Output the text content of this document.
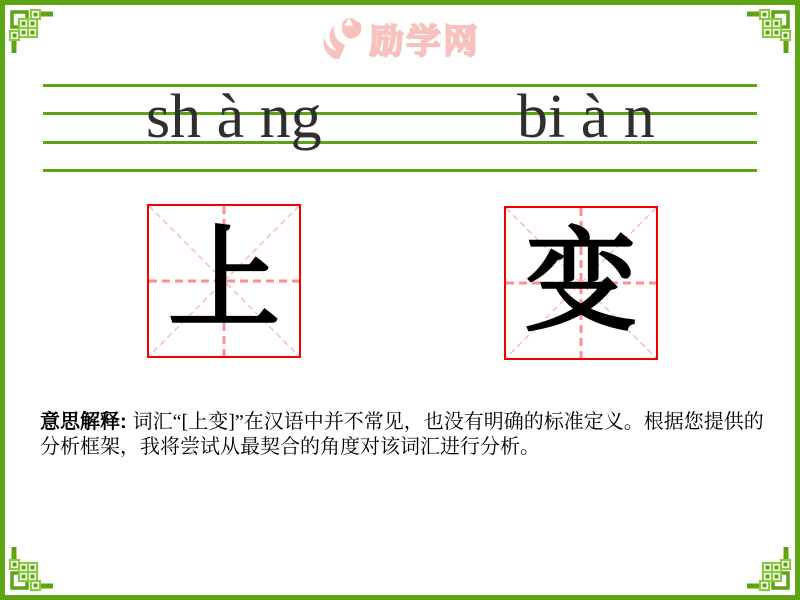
励学网
sh à ng	bi à n
上 变
意思解释: 词汇“[上变]”在汉语中并不常见，也没有明确的标准定义。根据您提供的分析框架，我将尝试从最契合的角度对该词汇进行分析。
